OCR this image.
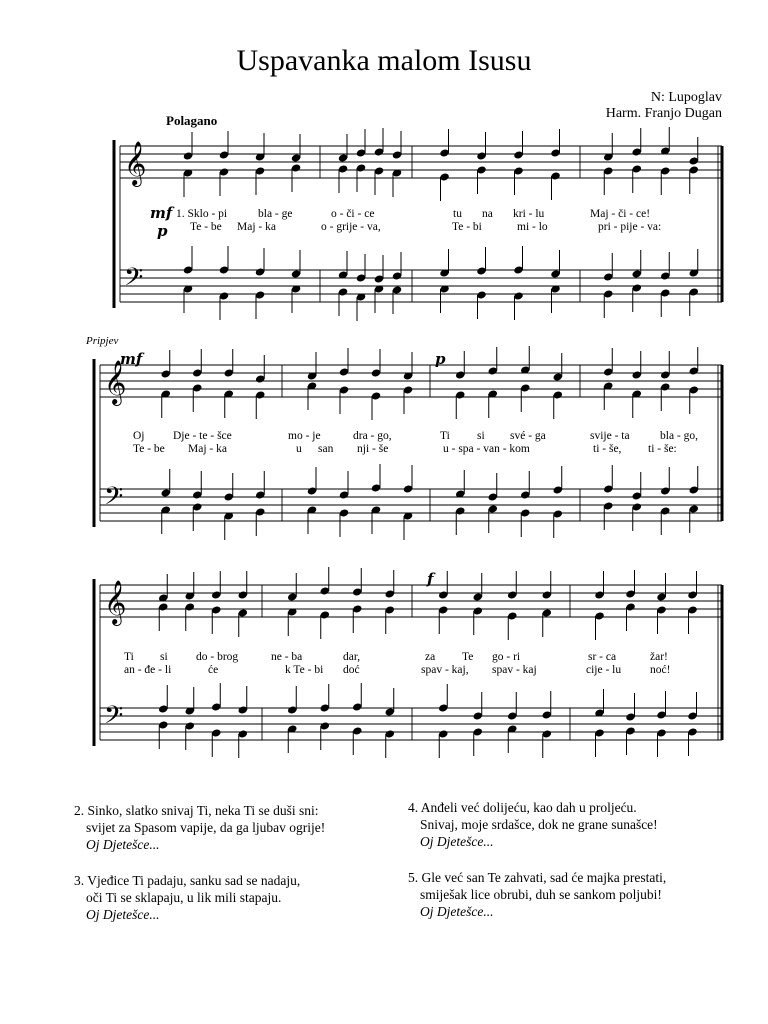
Uspavanka malom Isusu
N: Lupoglav
Harm. Franjo Dugan
Polagano
Pripjev
𝄞
𝄢
𝄞
𝄢
𝄞
𝄢
mf
p
mf	p
f
1. Sklo - pi	bla - ge	o - či - ce	tu na kri - lu	Maj - či - ce!
Te - be Maj - ka	o - grije - va,	Te - bi	mi - lo	pri - pije - va:
Oj Dje - te - šce	mo - je	dra - go,	Ti si své - ga	svije - ta	bla - go,
Te - be Maj - ka	u san nji - še	u - spa - van - kom	ti - še, ti - še:
Ti si do - brog	ne - ba	dar,	za Te go - ri	sr - ca	žar!
an - đe - li	će	k Te - bi doć	spav - kaj, spav - kaj	cije - lu	noć!
2. Sinko, slatko snivaj Ti, neka Ti se duši sni:
svijet za Spasom vapije, da ga ljubav ogrije!
Oj Djetešce...
3. Vjeđice Ti padaju, sanku sad se nadaju,
oči Ti se sklapaju, u lik mili stapaju.
Oj Djetešce...
4. Anđeli već dolijeću, kao dah u proljeću.
Snivaj, moje srdašce, dok ne grane sunašce!
Oj Djetešce...
5. Gle već san Te zahvati, sad će majka prestati,
smiješak lice obrubi, duh se sankom poljubi!
Oj Djetešce...
